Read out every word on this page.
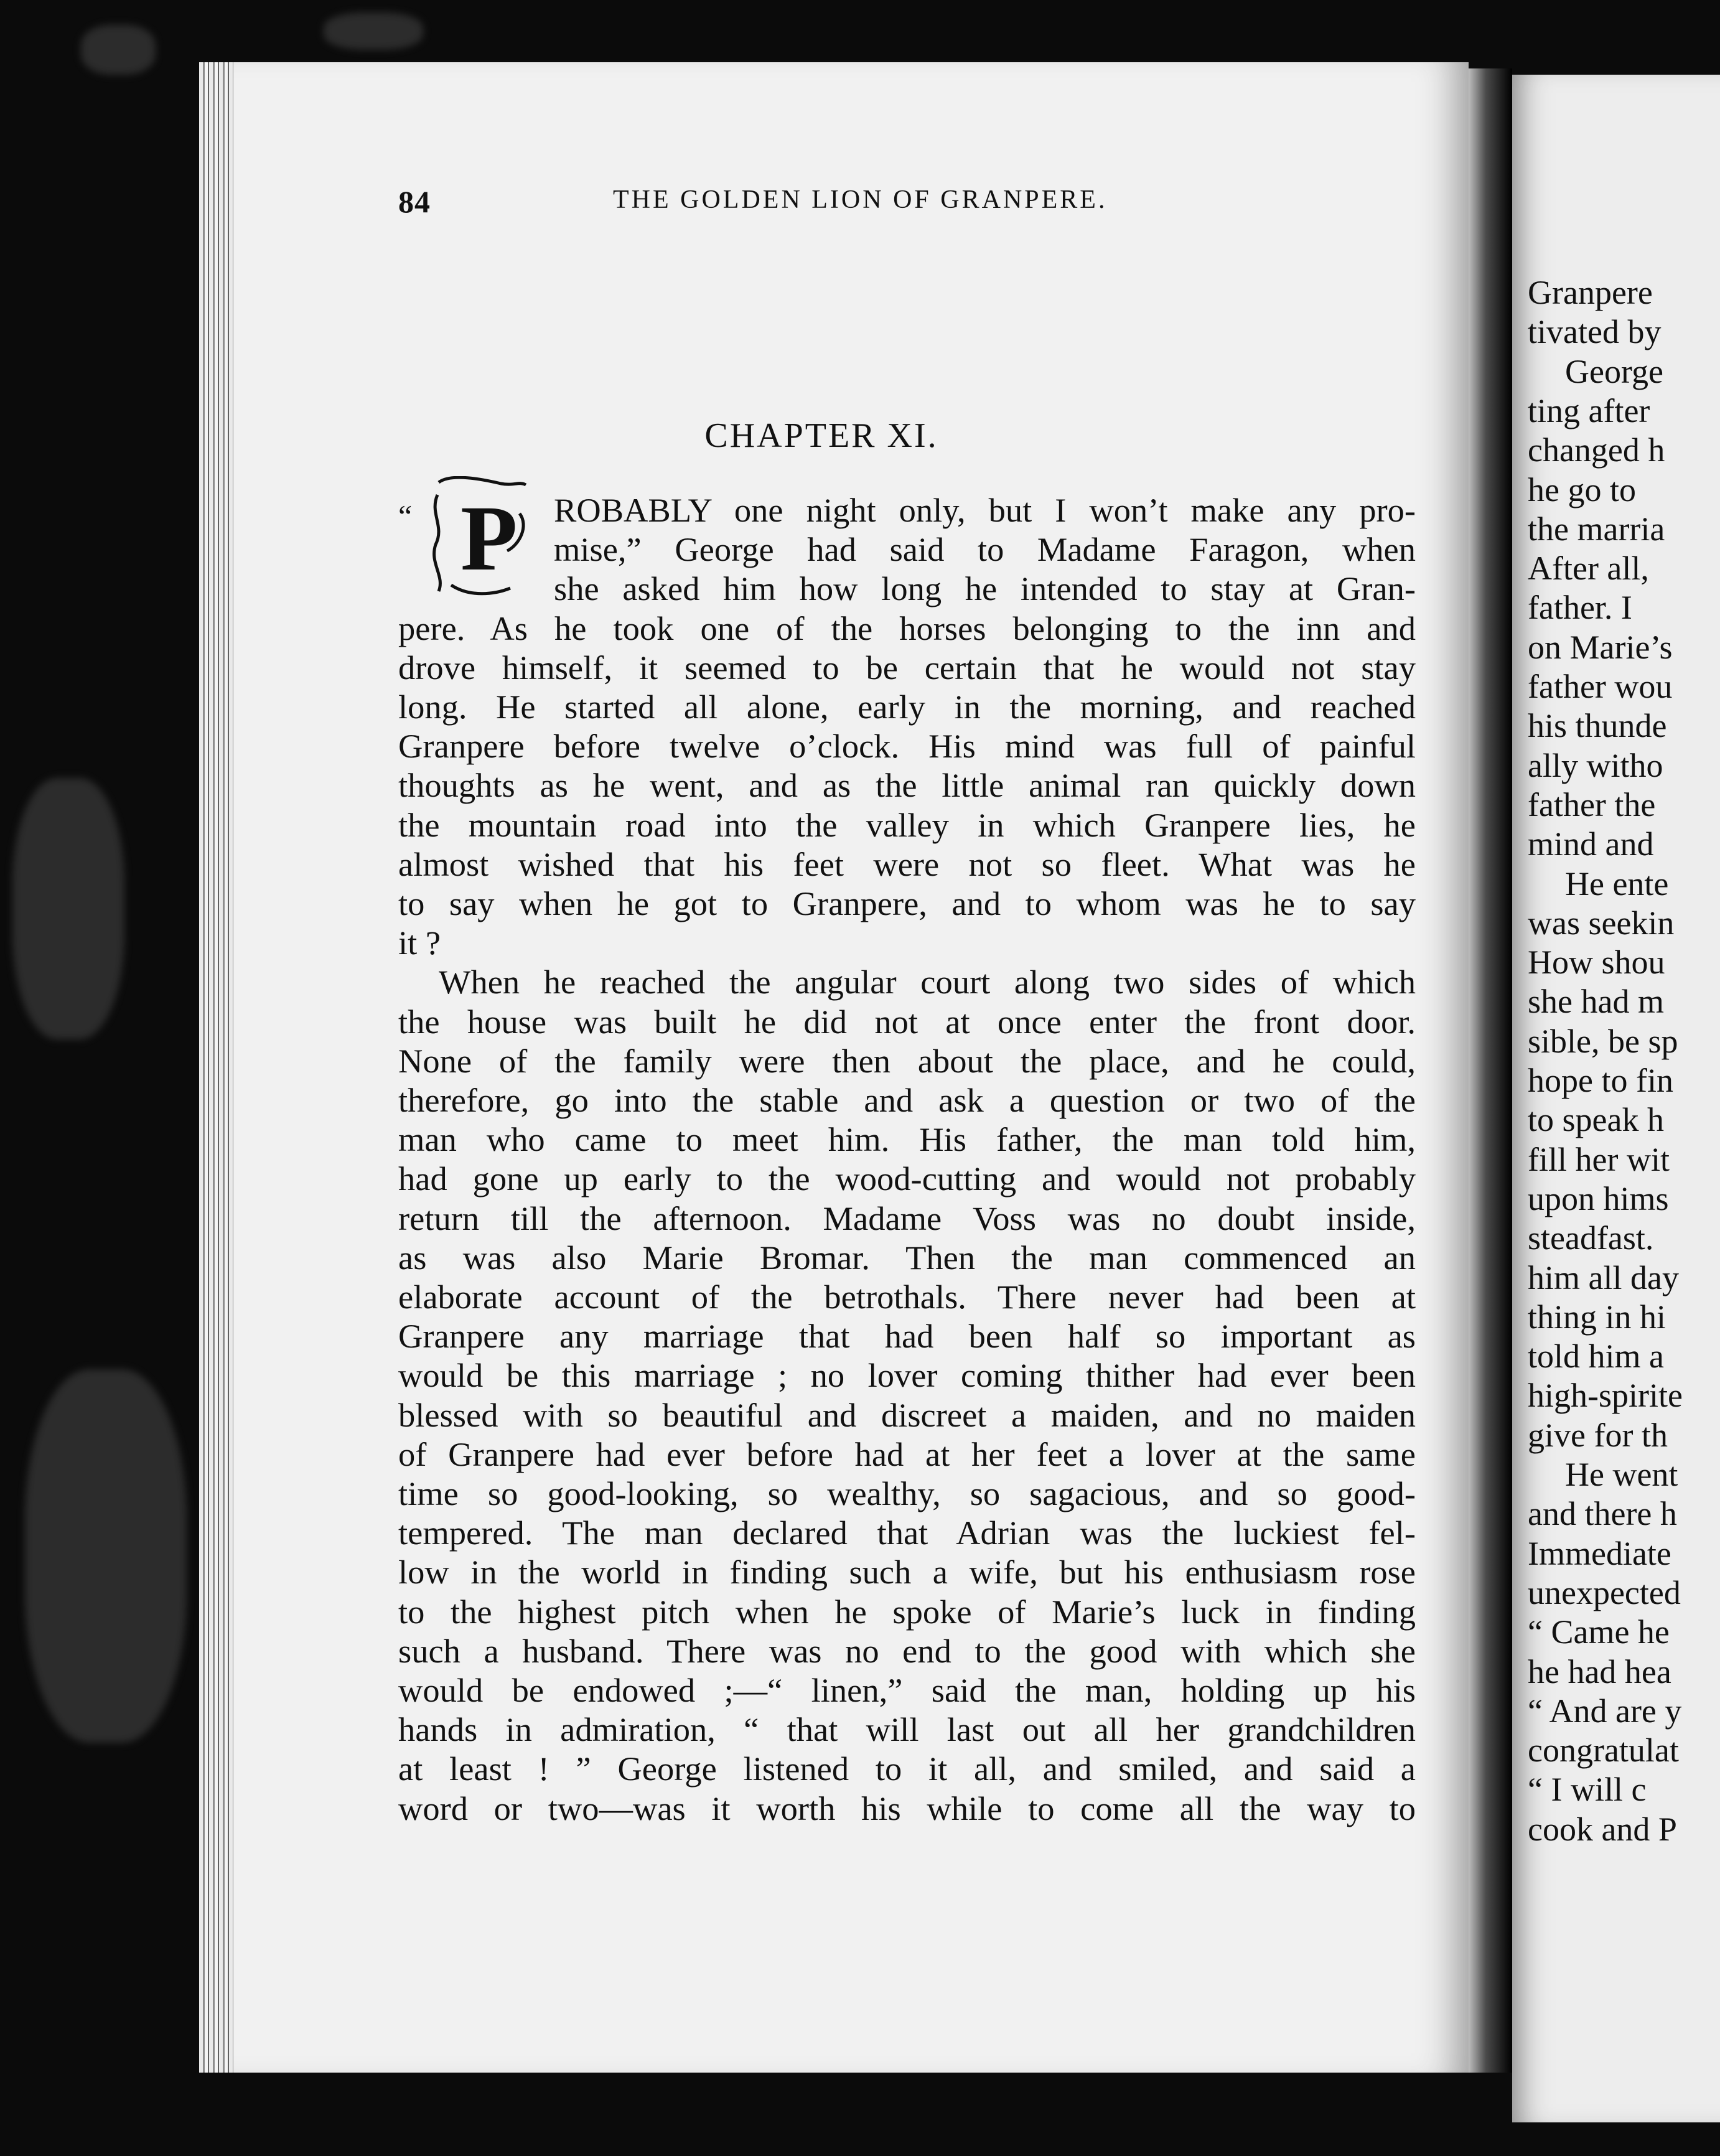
84	THE GOLDEN LION OF GRANPERE.
CHAPTER XI.
“ P ROBABLY one night only, but I won’t make any pro-
mise,” George had said to Madame Faragon, when
she asked him how long he intended to stay at Gran-
pere. As he took one of the horses belonging to the inn and
drove himself, it seemed to be certain that he would not stay
long. He started all alone, early in the morning, and reached
Granpere before twelve o’clock. His mind was full of painful
thoughts as he went, and as the little animal ran quickly down
the mountain road into the valley in which Granpere lies, he
almost wished that his feet were not so fleet. What was he
to say when he got to Granpere, and to whom was he to say
it ?
When he reached the angular court along two sides of which
the house was built he did not at once enter the front door.
None of the family were then about the place, and he could,
therefore, go into the stable and ask a question or two of the
man who came to meet him. His father, the man told him,
had gone up early to the wood-cutting and would not probably
return till the afternoon. Madame Voss was no doubt inside,
as was also Marie Bromar. Then the man commenced an
elaborate account of the betrothals. There never had been at
Granpere any marriage that had been half so important as
would be this marriage ; no lover coming thither had ever been
blessed with so beautiful and discreet a maiden, and no maiden
of Granpere had ever before had at her feet a lover at the same
time so good-looking, so wealthy, so sagacious, and so good-
tempered. The man declared that Adrian was the luckiest fel-
low in the world in finding such a wife, but his enthusiasm rose
to the highest pitch when he spoke of Marie’s luck in finding
such a husband. There was no end to the good with which she
would be endowed ;—“ linen,” said the man, holding up his
hands in admiration, “ that will last out all her grandchildren
at least ! ” George listened to it all, and smiled, and said a
word or two—was it worth his while to come all the way to
Granpere
tivated by
George
ting after
changed h
he go to
the marria
After all,
father. I
on Marie’s
father wou
his thunde
ally witho
father the
mind and
He ente
was seekin
How shou
she had m
sible, be sp
hope to fin
to speak h
fill her wit
upon hims
steadfast.
him all day
thing in hi
told him a
high-spirite
give for th
He went
and there h
Immediate
unexpected
“ Came he
he had hea
“ And are y
congratulat
“ I will c
cook and P
